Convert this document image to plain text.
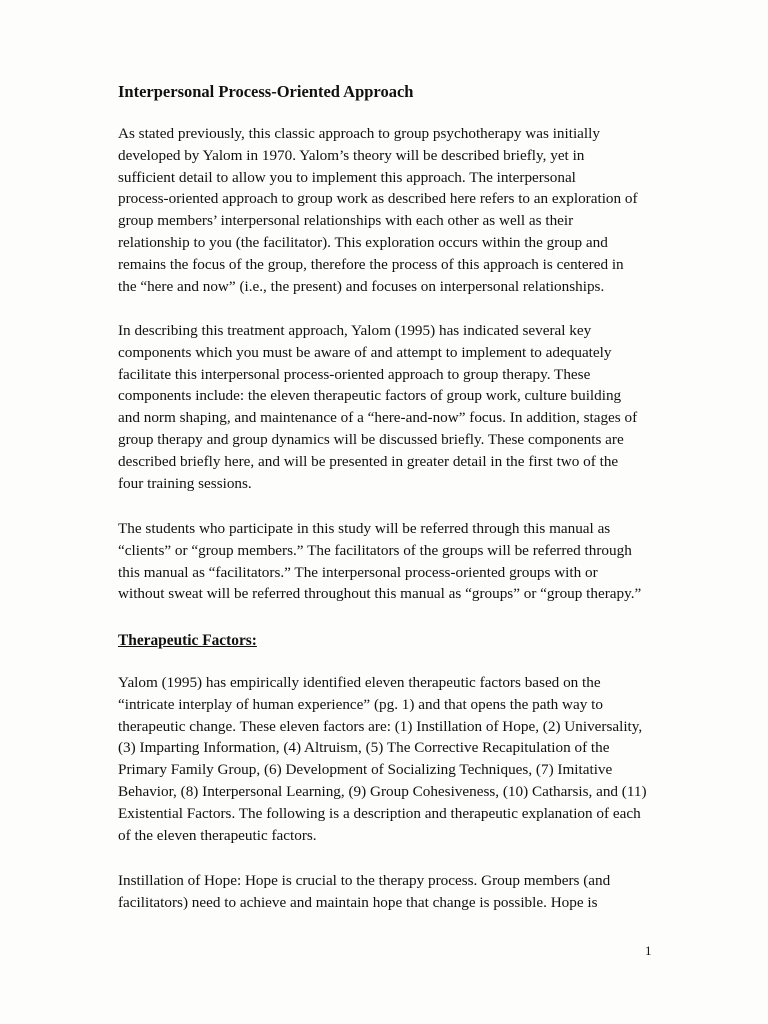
Interpersonal Process-Oriented Approach
As stated previously, this classic approach to group psychotherapy was initially
developed by Yalom in 1970. Yalom’s theory will be described briefly, yet in
sufficient detail to allow you to implement this approach. The interpersonal
process-oriented approach to group work as described here refers to an exploration of
group members’ interpersonal relationships with each other as well as their
relationship to you (the facilitator). This exploration occurs within the group and
remains the focus of the group, therefore the process of this approach is centered in
the “here and now” (i.e., the present) and focuses on interpersonal relationships.
In describing this treatment approach, Yalom (1995) has indicated several key
components which you must be aware of and attempt to implement to adequately
facilitate this interpersonal process-oriented approach to group therapy. These
components include: the eleven therapeutic factors of group work, culture building
and norm shaping, and maintenance of a “here-and-now” focus. In addition, stages of
group therapy and group dynamics will be discussed briefly. These components are
described briefly here, and will be presented in greater detail in the first two of the
four training sessions.
The students who participate in this study will be referred through this manual as
“clients” or “group members.” The facilitators of the groups will be referred through
this manual as “facilitators.” The interpersonal process-oriented groups with or
without sweat will be referred throughout this manual as “groups” or “group therapy.”
Therapeutic Factors:
Yalom (1995) has empirically identified eleven therapeutic factors based on the
“intricate interplay of human experience” (pg. 1) and that opens the path way to
therapeutic change. These eleven factors are: (1) Instillation of Hope, (2) Universality,
(3) Imparting Information, (4) Altruism, (5) The Corrective Recapitulation of the
Primary Family Group, (6) Development of Socializing Techniques, (7) Imitative
Behavior, (8) Interpersonal Learning, (9) Group Cohesiveness, (10) Catharsis, and (11)
Existential Factors. The following is a description and therapeutic explanation of each
of the eleven therapeutic factors.
Instillation of Hope: Hope is crucial to the therapy process. Group members (and
facilitators) need to achieve and maintain hope that change is possible. Hope is

1
